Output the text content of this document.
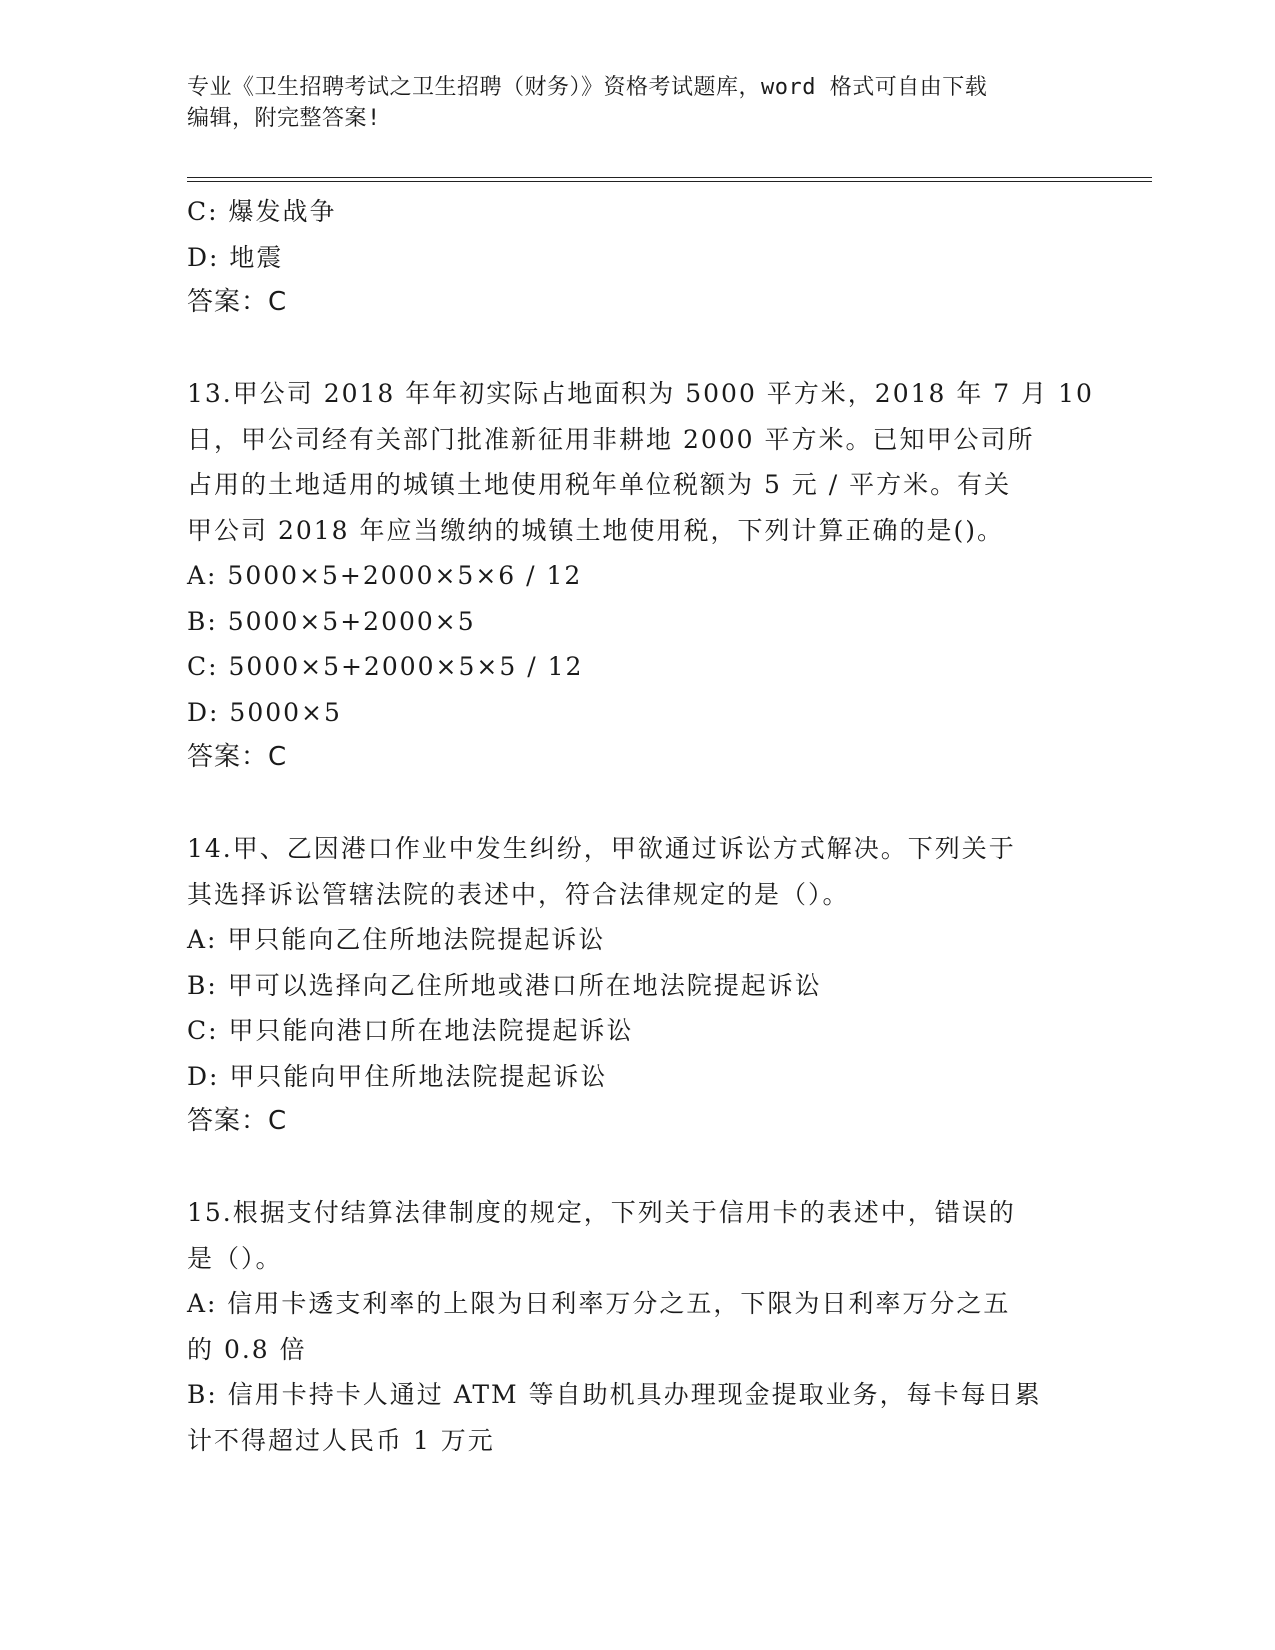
专业《卫生招聘考试之卫生招聘（财务）》资格考试题库，word 格式可自由下载
编辑，附完整答案!
C: 爆发战争
D: 地震
答案：C
13.甲公司 2018 年年初实际占地面积为 5000 平方米，2018 年 7 月 10
日，甲公司经有关部门批准新征用非耕地 2000 平方米。已知甲公司所
占用的土地适用的城镇土地使用税年单位税额为 5 元 / 平方米。有关
甲公司 2018 年应当缴纳的城镇土地使用税，下列计算正确的是()。
A: 5000×5+2000×5×6 / 12
B: 5000×5+2000×5
C: 5000×5+2000×5×5 / 12
D: 5000×5
答案：C
14.甲、乙因港口作业中发生纠纷，甲欲通过诉讼方式解决。下列关于
其选择诉讼管辖法院的表述中，符合法律规定的是（）。
A: 甲只能向乙住所地法院提起诉讼
B: 甲可以选择向乙住所地或港口所在地法院提起诉讼
C: 甲只能向港口所在地法院提起诉讼
D: 甲只能向甲住所地法院提起诉讼
答案：C
15.根据支付结算法律制度的规定，下列关于信用卡的表述中，错误的
是（）。
A: 信用卡透支利率的上限为日利率万分之五，下限为日利率万分之五
的 0.8 倍
B: 信用卡持卡人通过 ATM 等自助机具办理现金提取业务，每卡每日累
计不得超过人民币 1 万元
